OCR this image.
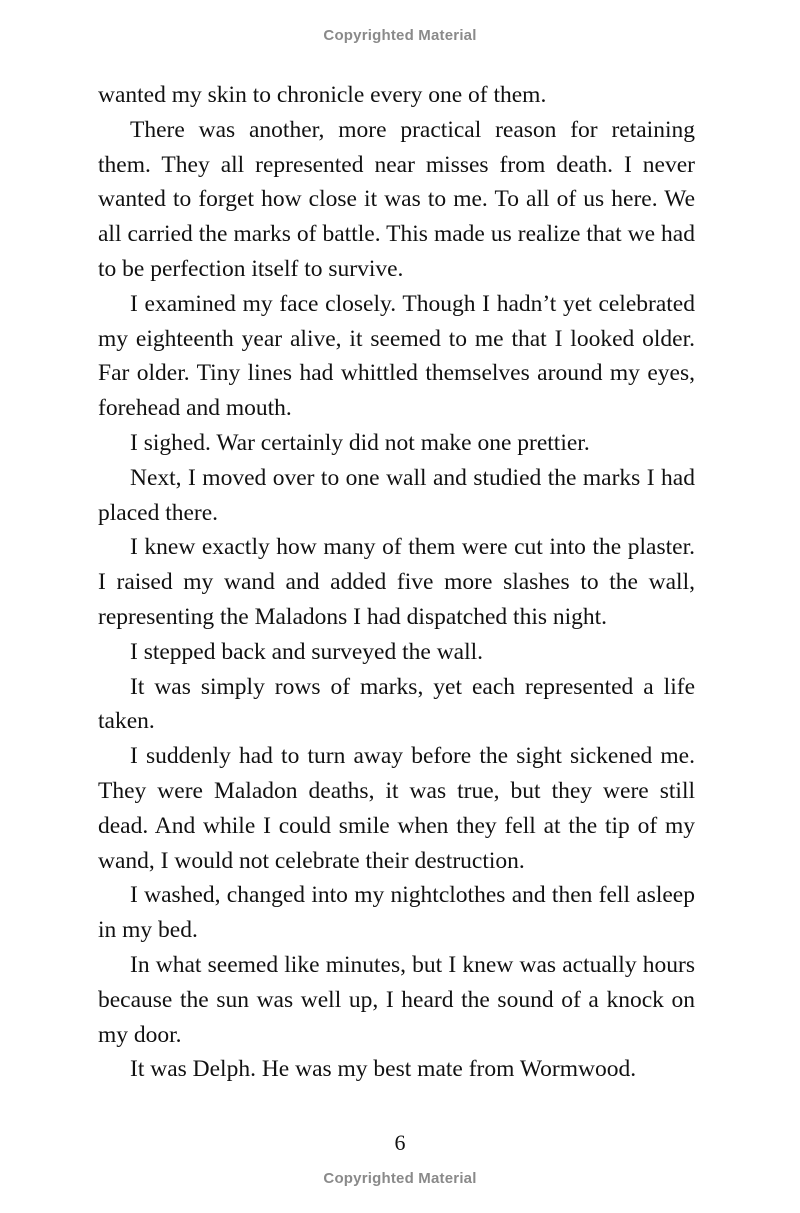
Copyrighted Material

wanted my skin to chronicle every one of them.

There was another, more practical reason for retaining them. They all represented near misses from death. I never wanted to forget how close it was to me. To all of us here. We all carried the marks of battle. This made us realize that we had to be perfection itself to survive.

I examined my face closely. Though I hadn’t yet celebrated my eighteenth year alive, it seemed to me that I looked older. Far older. Tiny lines had whittled themselves around my eyes, forehead and mouth.

I sighed. War certainly did not make one prettier.

Next, I moved over to one wall and studied the marks I had placed there.

I knew exactly how many of them were cut into the plaster. I raised my wand and added five more slashes to the wall, representing the Maladons I had dispatched this night.

I stepped back and surveyed the wall.

It was simply rows of marks, yet each represented a life taken.

I suddenly had to turn away before the sight sickened me. They were Maladon deaths, it was true, but they were still dead. And while I could smile when they fell at the tip of my wand, I would not celebrate their destruction.

I washed, changed into my nightclothes and then fell asleep in my bed.

In what seemed like minutes, but I knew was actually hours because the sun was well up, I heard the sound of a knock on my door.

It was Delph. He was my best mate from Wormwood.

6
Copyrighted Material
